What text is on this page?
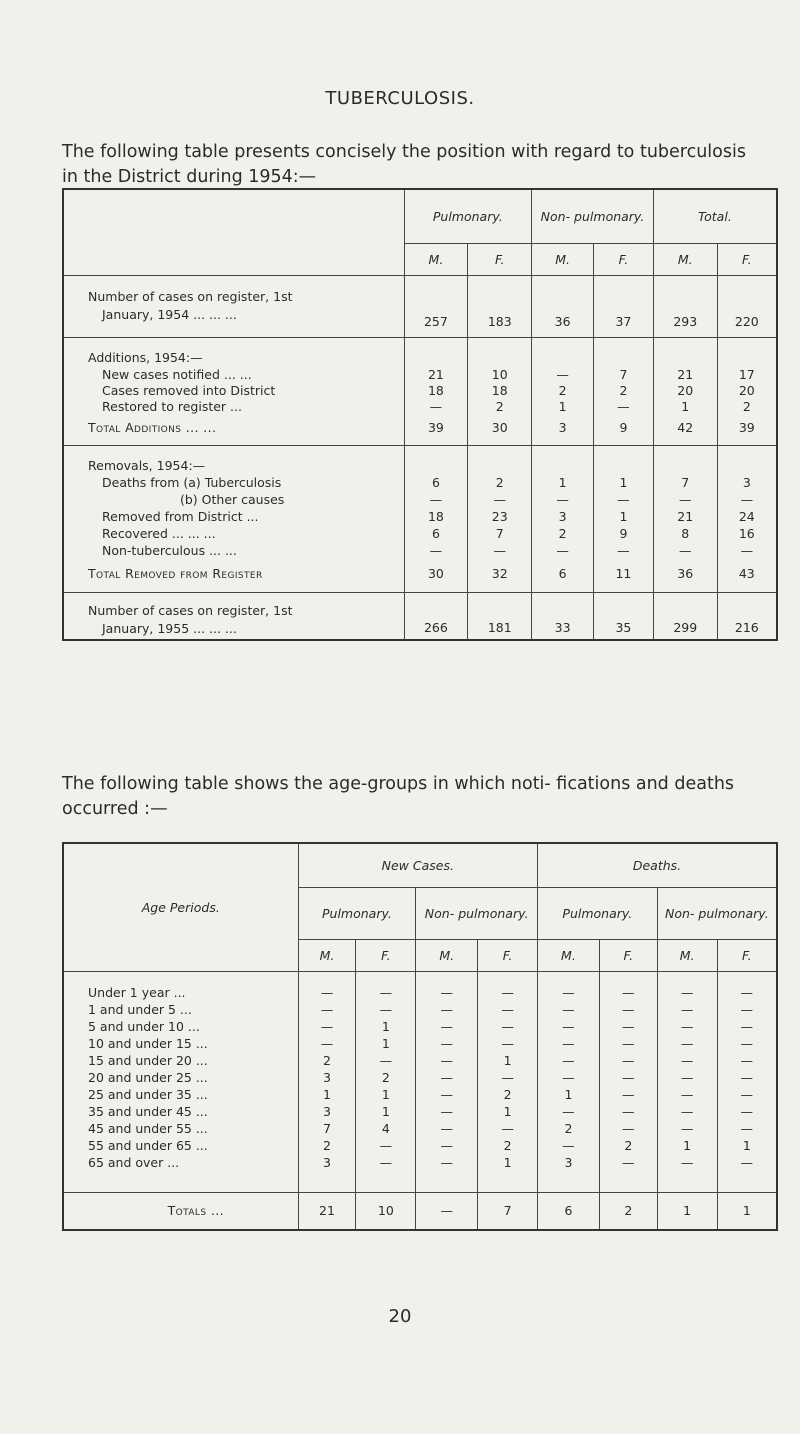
TUBERCULOSIS.
The following table presents concisely the position with regard to tuberculosis in the District during 1954:—
	Pulmonary.		Non- pulmonary.		Total.	
	M.	F.	M.	F.	M.	F.

Number of cases on register, 1st
January, 1954 ... ... ...	257	183	36	37	293	220
Additions, 1954:—						
New cases notified ... ...	21	10	—	7	21	17
Cases removed into District	18	18	2	2	20	20
Restored to register ...	—	2	1	—	1	2
Total Additions ... ...	39	30	3	9	42	39
Removals, 1954:—						
Deaths from (a) Tuberculosis	6	2	1	1	7	3
(b) Other causes	—	—	—	—	—	—
Removed from District ...	18	23	3	1	21	24
Recovered ... ... ...	6	7	2	9	8	16
Non-tuberculous ... ...	—	—	—	—	—	—
Total Removed from Register	30	32	6	11	36	43

Number of cases on register, 1st
January, 1955 ... ... ...	266	181	33	35	299	216
The following table shows the age-groups in which noti- fications and deaths occurred :—
Age Periods.	New Cases.				Deaths.			
	Pulmonary.		Non- pulmonary.		Pulmonary.		Non- pulmonary.	
	M.	F.	M.	F.	M.	F.	M.	F.

Under 1 year ...	—	—	—	—	—	—	—	—
1 and under 5 ...	—	—	—	—	—	—	—	—
5 and under 10 ...	—	1	—	—	—	—	—	—
10 and under 15 ...	—	1	—	—	—	—	—	—
15 and under 20 ...	2	—	—	1	—	—	—	—
20 and under 25 ...	3	2	—	—	—	—	—	—
25 and under 35 ...	1	1	—	2	1	—	—	—
35 and under 45 ...	3	1	—	1	—	—	—	—
45 and under 55 ...	7	4	—	—	2	—	—	—
55 and under 65 ...	2	—	—	2	—	2	1	1
65 and over ...	3	—	—	1	3	—	—	—

Totals ...	21	10	—	7	6	2	1	1
20
